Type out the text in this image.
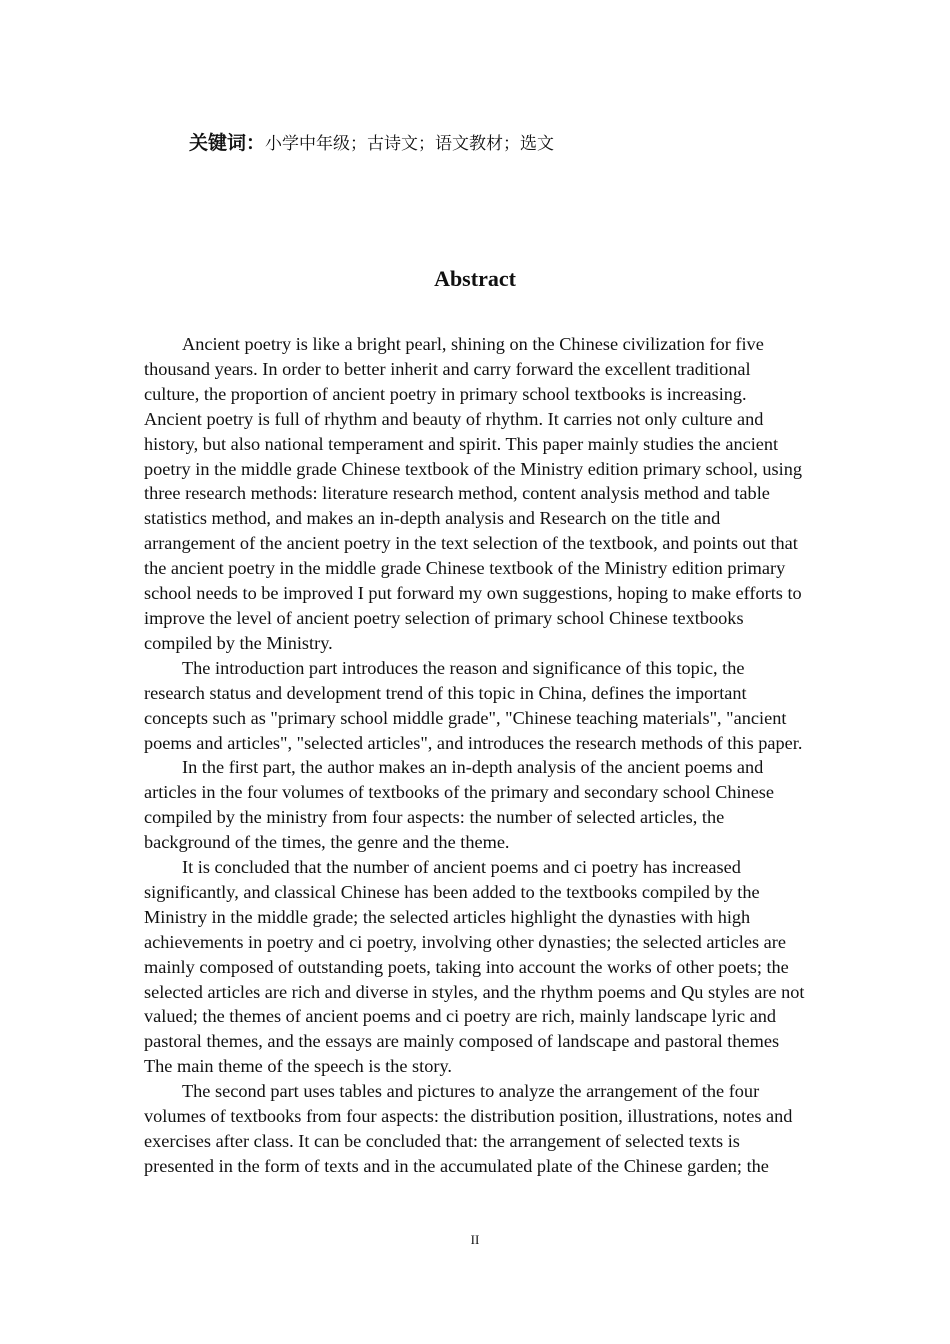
关键词：小学中年级；古诗文；语文教材；选文
Abstract

Ancient poetry is like a bright pearl, shining on the Chinese civilization for five thousand years. In order to better inherit and carry forward the excellent traditional culture, the proportion of ancient poetry in primary school textbooks is increasing. Ancient poetry is full of rhythm and beauty of rhythm. It carries not only culture and history, but also national temperament and spirit. This paper mainly studies the ancient poetry in the middle grade Chinese textbook of the Ministry edition primary school, using three research methods: literature research method, content analysis method and table statistics method, and makes an in-depth analysis and Research on the title and arrangement of the ancient poetry in the text selection of the textbook, and points out that the ancient poetry in the middle grade Chinese textbook of the Ministry edition primary school needs to be improved I put forward my own suggestions, hoping to make efforts to improve the level of ancient poetry selection of primary school Chinese textbooks compiled by the Ministry.

The introduction part introduces the reason and significance of this topic, the research status and development trend of this topic in China, defines the important concepts such as "primary school middle grade", "Chinese teaching materials", "ancient poems and articles", "selected articles", and introduces the research methods of this paper.

In the first part, the author makes an in-depth analysis of the ancient poems and articles in the four volumes of textbooks of the primary and secondary school Chinese compiled by the ministry from four aspects: the number of selected articles, the background of the times, the genre and the theme.

It is concluded that the number of ancient poems and ci poetry has increased significantly, and classical Chinese has been added to the textbooks compiled by the Ministry in the middle grade; the selected articles highlight the dynasties with high achievements in poetry and ci poetry, involving other dynasties; the selected articles are mainly composed of outstanding poets, taking into account the works of other poets; the selected articles are rich and diverse in styles, and the rhythm poems and Qu styles are not valued; the themes of ancient poems and ci poetry are rich, mainly landscape lyric and pastoral themes, and the essays are mainly composed of landscape and pastoral themes The main theme of the speech is the story.

The second part uses tables and pictures to analyze the arrangement of the four volumes of textbooks from four aspects: the distribution position, illustrations, notes and exercises after class. It can be concluded that: the arrangement of selected texts is presented in the form of texts and in the accumulated plate of the Chinese garden; the

II
